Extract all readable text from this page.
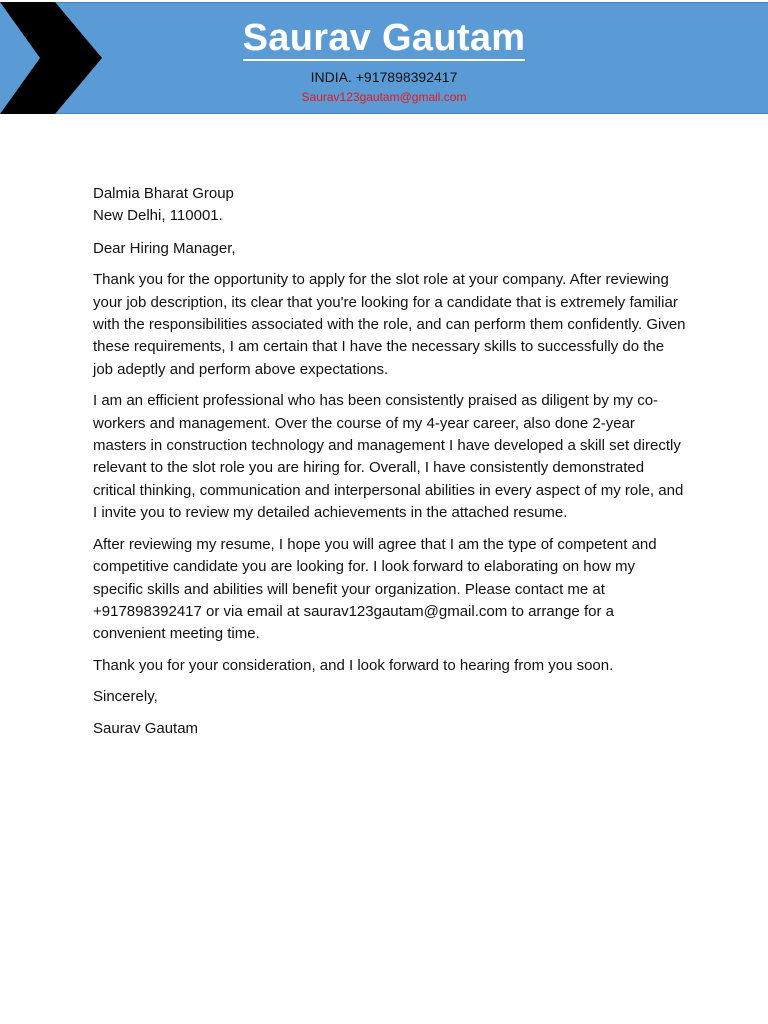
Saurav Gautam
INDIA. +917898392417
Saurav123gautam@gmail.com

Dalmia Bharat Group
New Delhi, 110001.

Dear Hiring Manager,

Thank you for the opportunity to apply for the slot role at your company. After reviewing your job description, its clear that you're looking for a candidate that is extremely familiar with the responsibilities associated with the role, and can perform them confidently. Given these requirements, I am certain that I have the necessary skills to successfully do the job adeptly and perform above expectations.

I am an efficient professional who has been consistently praised as diligent by my co-workers and management. Over the course of my 4-year career, also done 2-year masters in construction technology and management I have developed a skill set directly relevant to the slot role you are hiring for. Overall, I have consistently demonstrated critical thinking, communication and interpersonal abilities in every aspect of my role, and I invite you to review my detailed achievements in the attached resume.

After reviewing my resume, I hope you will agree that I am the type of competent and competitive candidate you are looking for. I look forward to elaborating on how my specific skills and abilities will benefit your organization. Please contact me at +917898392417 or via email at saurav123gautam@gmail.com to arrange for a convenient meeting time.

Thank you for your consideration, and I look forward to hearing from you soon.

Sincerely,

Saurav Gautam
